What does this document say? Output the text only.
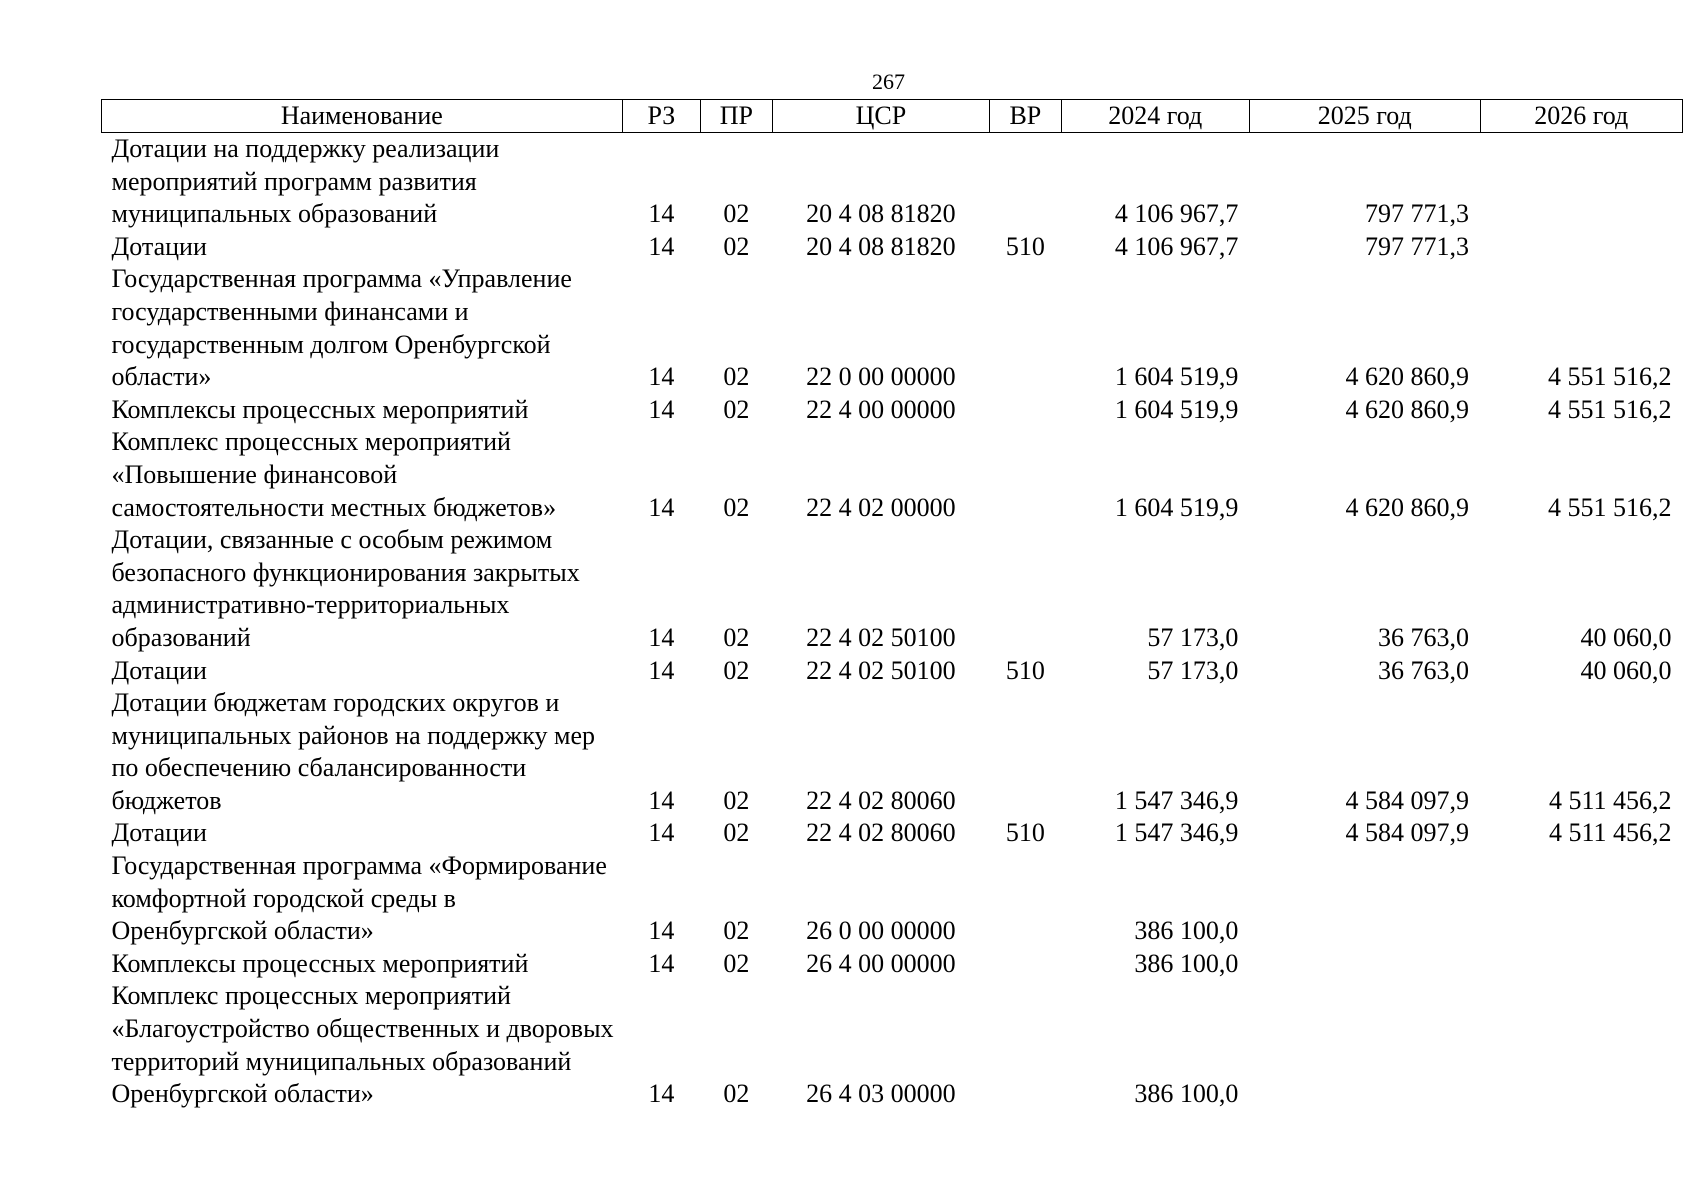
267
Наименование	РЗ	ПР	ЦСР	ВР	2024 год	2025 год	2026 год
Дотации на поддержку реализации мероприятий программ развития муниципальных образований	14	02	20 4 08 81820		4 106 967,7	797 771,3	
Дотации	14	02	20 4 08 81820	510	4 106 967,7	797 771,3	
Государственная программа «Управление государственными финансами и государственным долгом Оренбургской области»	14	02	22 0 00 00000		1 604 519,9	4 620 860,9	4 551 516,2
Комплексы процессных мероприятий	14	02	22 4 00 00000		1 604 519,9	4 620 860,9	4 551 516,2
Комплекс процессных мероприятий «Повышение финансовой самостоятельности местных бюджетов»	14	02	22 4 02 00000		1 604 519,9	4 620 860,9	4 551 516,2
Дотации, связанные с особым режимом безопасного функционирования закрытых административно-территориальных образований	14	02	22 4 02 50100		57 173,0	36 763,0	40 060,0
Дотации	14	02	22 4 02 50100	510	57 173,0	36 763,0	40 060,0
Дотации бюджетам городских округов и муниципальных районов на поддержку мер по обеспечению сбалансированности бюджетов	14	02	22 4 02 80060		1 547 346,9	4 584 097,9	4 511 456,2
Дотации	14	02	22 4 02 80060	510	1 547 346,9	4 584 097,9	4 511 456,2
Государственная программа «Формирование комфортной городской среды в Оренбургской области»	14	02	26 0 00 00000		386 100,0		
Комплексы процессных мероприятий	14	02	26 4 00 00000		386 100,0		
Комплекс процессных мероприятий «Благоустройство общественных и дворовых территорий муниципальных образований Оренбургской области»	14	02	26 4 03 00000		386 100,0		
